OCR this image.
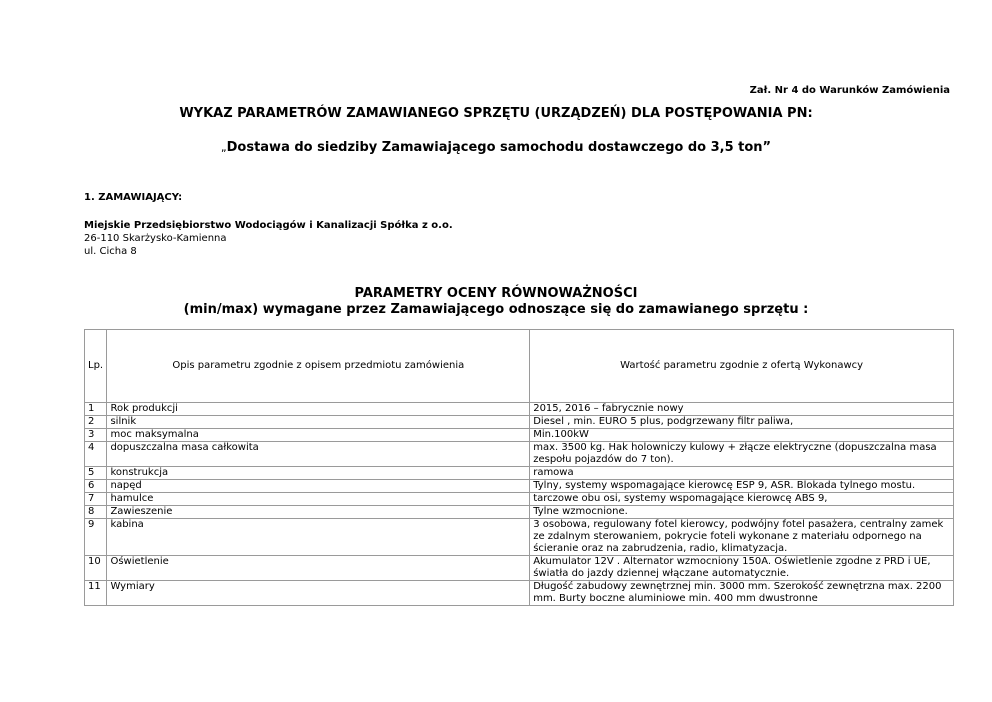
Zał. Nr 4 do Warunków Zamówienia
WYKAZ PARAMETRÓW ZAMAWIANEGO SPRZĘTU (URZĄDZEŃ) DLA POSTĘPOWANIA PN:
„Dostawa do siedziby Zamawiającego samochodu dostawczego do 3,5 ton”
1. ZAMAWIAJĄCY:
Miejskie Przedsiębiorstwo Wodociągów i Kanalizacji Spółka z o.o.
26-110 Skarżysko-Kamienna
ul. Cicha 8
PARAMETRY OCENY RÓWNOWAŻNOŚCI
(min/max) wymagane przez Zamawiającego odnoszące się do zamawianego sprzętu :
Lp.	Opis parametru zgodnie z opisem przedmiotu zamówienia	Wartość parametru zgodnie z ofertą Wykonawcy
1	Rok produkcji	2015, 2016 – fabrycznie nowy
2	silnik	Diesel , min. EURO 5 plus, podgrzewany filtr paliwa,
3	moc maksymalna	Min.100kW
4	dopuszczalna masa całkowita	max. 3500 kg. Hak holowniczy kulowy + złącze elektryczne (dopuszczalna masa zespołu pojazdów do 7 ton).
5	konstrukcja	ramowa
6	napęd	Tylny, systemy wspomagające kierowcę ESP 9, ASR. Blokada tylnego mostu.
7	hamulce	tarczowe obu osi, systemy wspomagające kierowcę ABS 9,
8	Zawieszenie	Tylne wzmocnione.
9	kabina	3 osobowa, regulowany fotel kierowcy, podwójny fotel pasażera, centralny zamek ze zdalnym sterowaniem, pokrycie foteli wykonane z materiału odpornego na ścieranie oraz na zabrudzenia, radio, klimatyzacja.
10	Oświetlenie	Akumulator 12V . Alternator wzmocniony 150A. Oświetlenie zgodne z PRD i UE, światła do jazdy dziennej włączane automatycznie.
11	Wymiary	Długość zabudowy zewnętrznej min. 3000 mm. Szerokość zewnętrzna max. 2200 mm. Burty boczne aluminiowe min. 400 mm dwustronne
